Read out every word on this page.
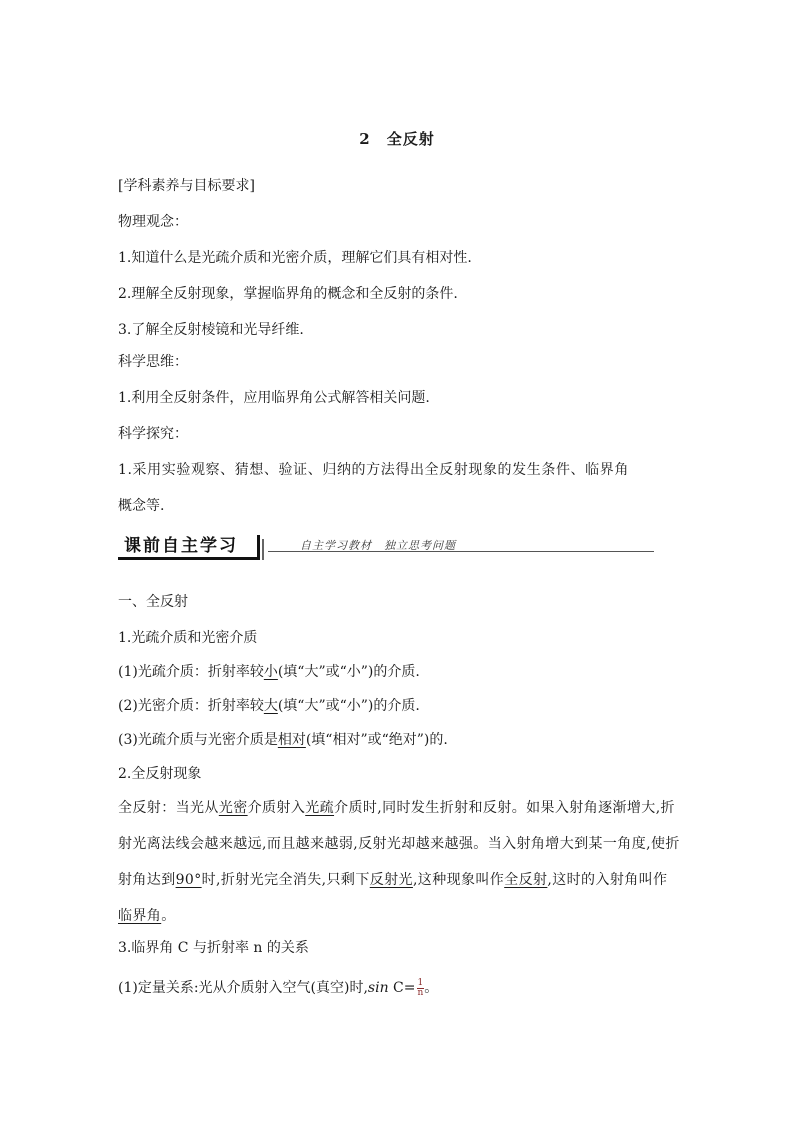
2　全反射
[学科素养与目标要求]
物理观念：
1.知道什么是光疏介质和光密介质，理解它们具有相对性.
2.理解全反射现象，掌握临界角的概念和全反射的条件.
3.了解全反射棱镜和光导纤维.
科学思维：
1.利用全反射条件，应用临界角公式解答相关问题.
科学探究：
1.采用实验观察、猜想、验证、归纳的方法得出全反射现象的发生条件、临界角
概念等.
课前自主学习	自主学习教材　独立思考问题
一、全反射
1.光疏介质和光密介质
(1)光疏介质：折射率较小(填“大”或“小”)的介质.
(2)光密介质：折射率较大(填“大”或“小”)的介质.
(3)光疏介质与光密介质是相对(填“相对”或“绝对”)的.
2.全反射现象
全反射：当光从光密介质射入光疏介质时,同时发生折射和反射。如果入射角逐渐增大,折射光离法线会越来越远,而且越来越弱,反射光却越来越强。当入射角增大到某一角度,使折射角达到90°时,折射光完全消失,只剩下反射光,这种现象叫作全反射,这时的入射角叫作临界角。
3.临界角 C 与折射率 n 的关系
(1)定量关系:光从介质射入空气(真空)时,sin $C= \frac{1}{n}$ 。
